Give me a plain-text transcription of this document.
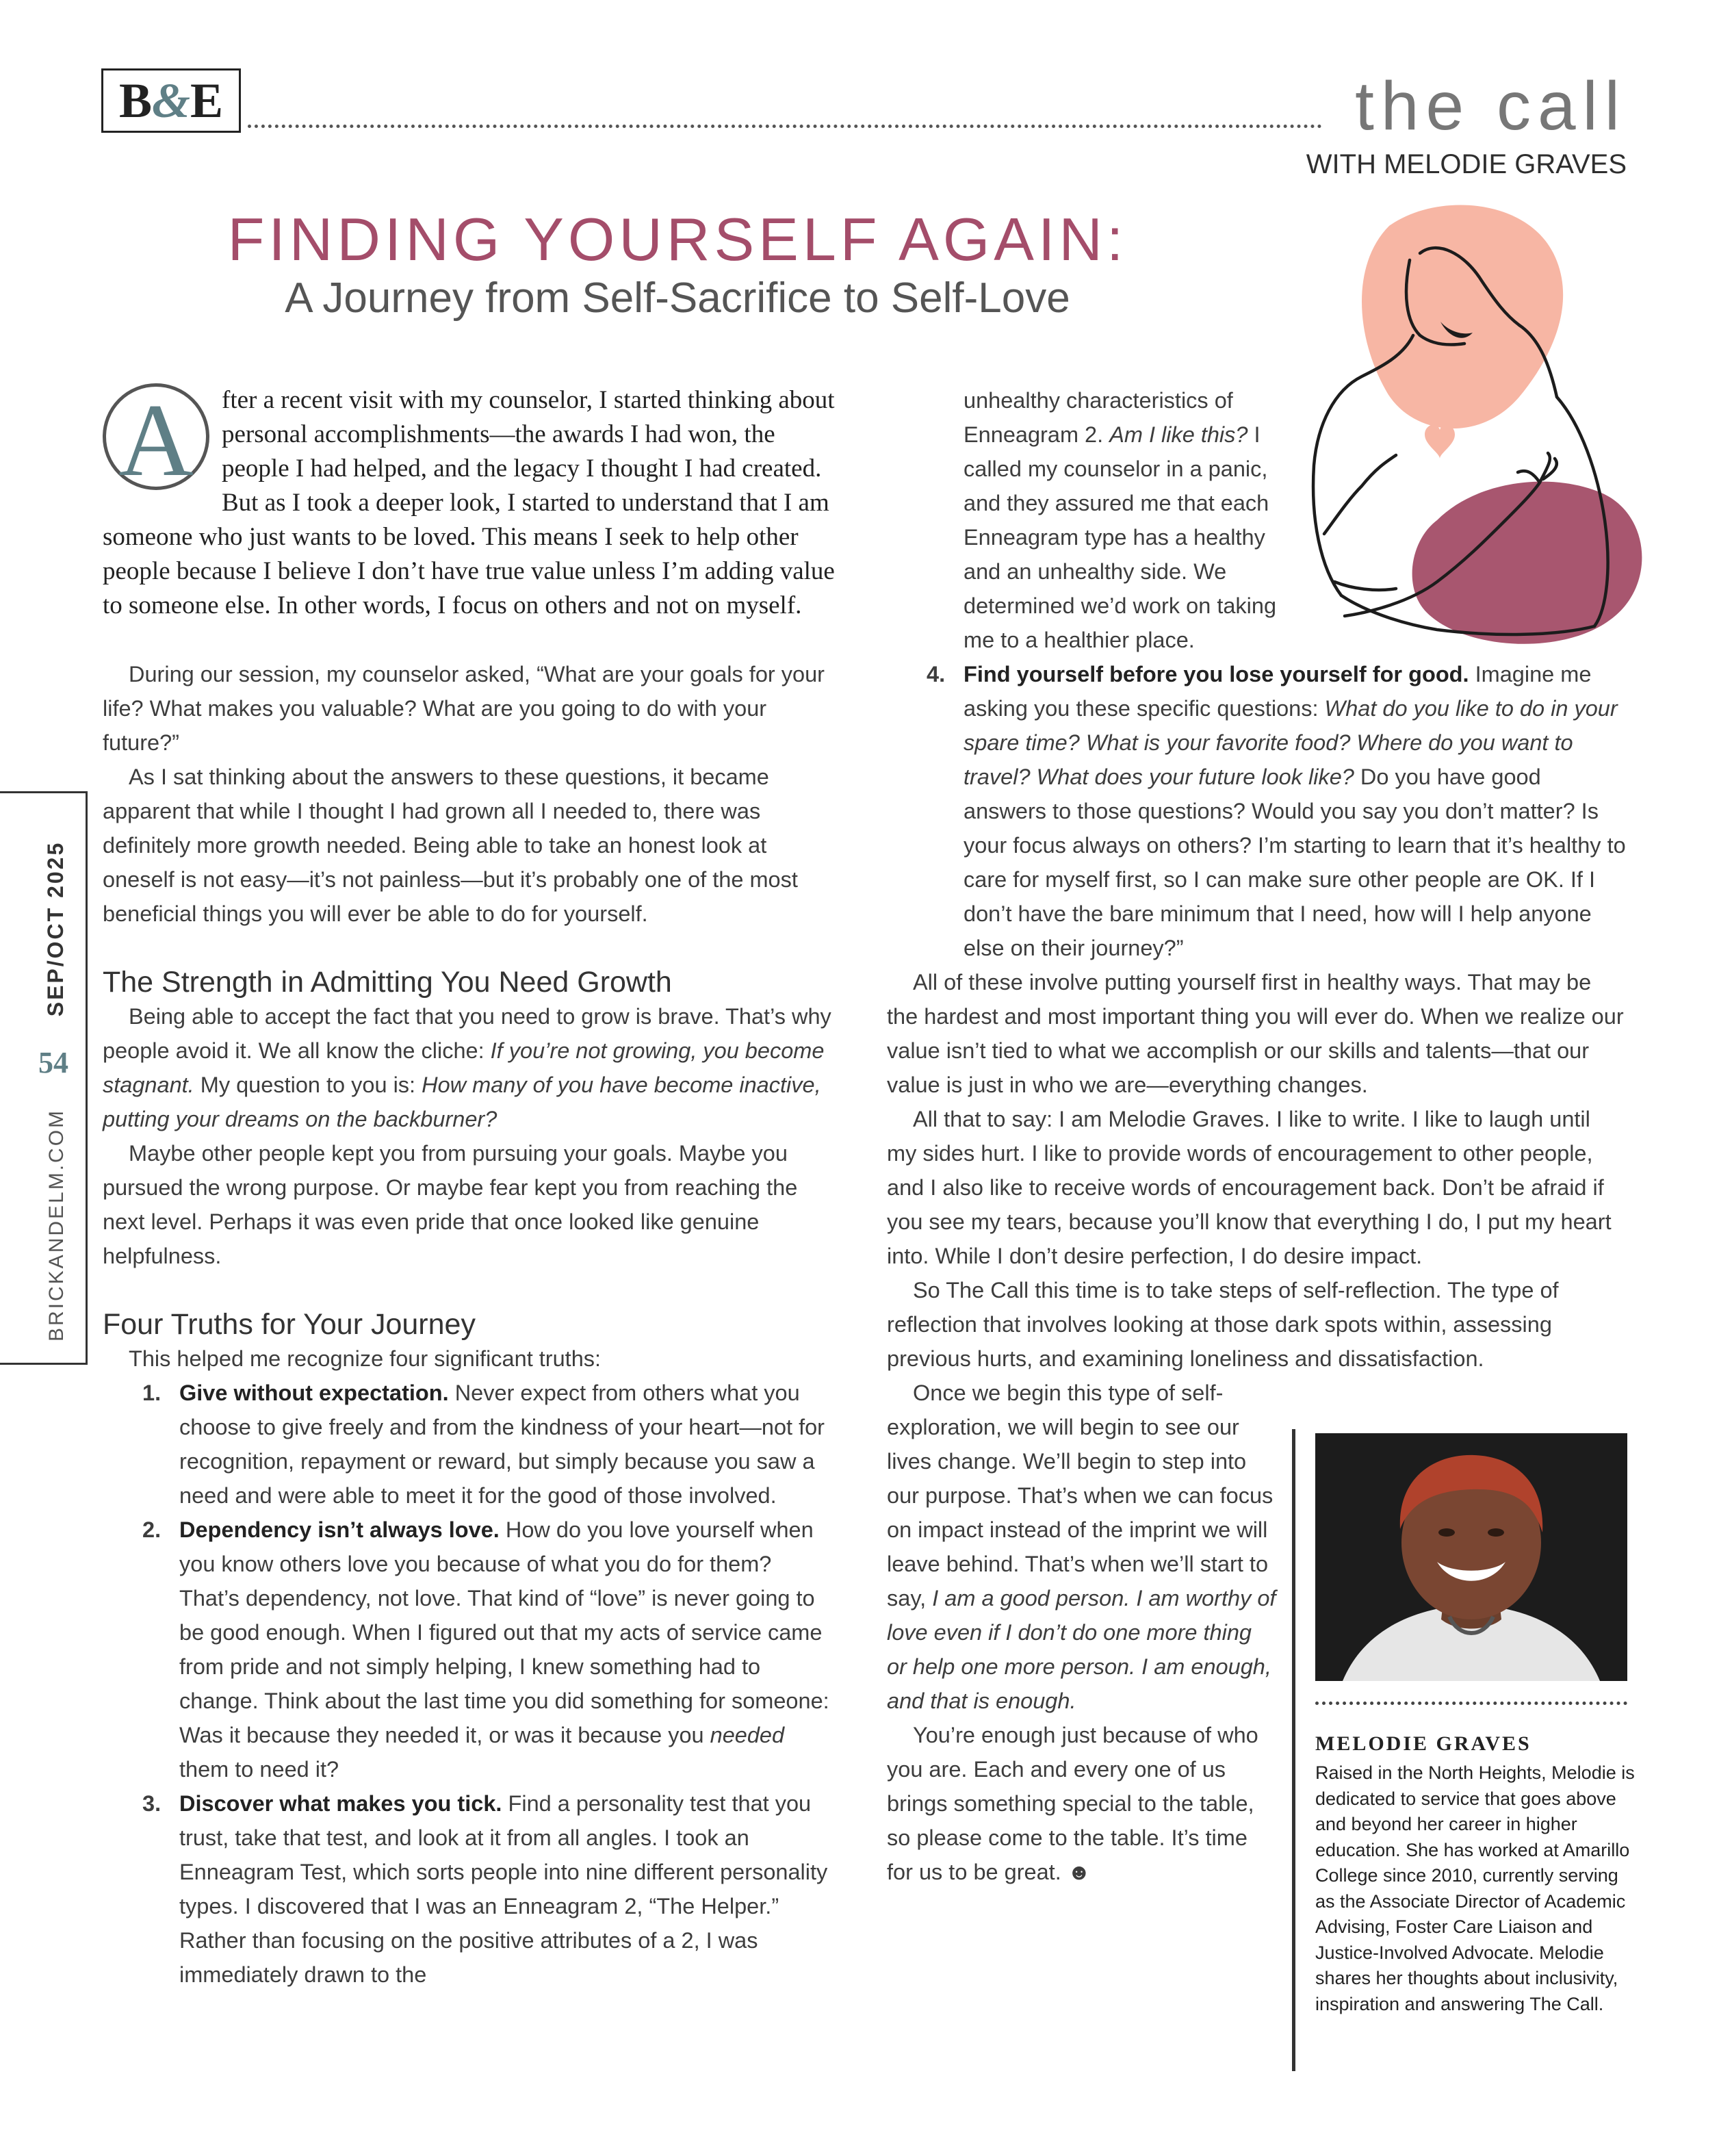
B&E	the call
WITH MELODIE GRAVES
FINDING YOURSELF AGAIN:
A Journey from Self-Sacrifice to Self-Love
BRICKANDELM.COM 54 SEP/OCT 2025
A	fter a recent visit with my counselor, I started thinking about personal accomplishments—the awards I had won, the people I had helped, and the legacy I thought I had created. But as I took a deeper look, I started to understand that I am someone who just wants to be loved. This means I seek to help other people because I believe I don’t have true value unless I’m adding value to someone else. In other words, I focus on others and not on myself.

During our session, my counselor asked, “What are your goals for your life? What makes you valuable? What are you going to do with your future?”

As I sat thinking about the answers to these questions, it became apparent that while I thought I had grown all I needed to, there was definitely more growth needed. Being able to take an honest look at oneself is not easy—it’s not painless—but it’s probably one of the most beneficial things you will ever be able to do for yourself.

The Strength in Admitting You Need Growth

Being able to accept the fact that you need to grow is brave. That’s why people avoid it. We all know the cliche: If you’re not growing, you become stagnant. My question to you is: How many of you have become inactive, putting your dreams on the backburner?

Maybe other people kept you from pursuing your goals. Maybe you pursued the wrong purpose. Or maybe fear kept you from reaching the next level. Perhaps it was even pride that once looked like genuine helpfulness.

Four Truths for Your Journey

This helped me recognize four significant truths:

1. Give without expectation. Never expect from others what you choose to give freely and from the kindness of your heart—not for recognition, repayment or reward, but simply because you saw a need and were able to meet it for the good of those involved.
2. Dependency isn’t always love. How do you love yourself when you know others love you because of what you do for them? That’s dependency, not love. That kind of “love” is never going to be good enough. When I figured out that my acts of service came from pride and not simply helping, I knew something had to change. Think about the last time you did something for someone: Was it because they needed it, or was it because you needed them to need it?
3. Discover what makes you tick. Find a personality test that you trust, take that test, and look at it from all angles. I took an Enneagram Test, which sorts people into nine different personality types. I discovered that I was an Enneagram 2, “The Helper.” Rather than focusing on the positive attributes of a 2, I was immediately drawn to the
unhealthy characteristics of Enneagram 2. Am I like this? I called my counselor in a panic, and they assured me that each Enneagram type has a healthy and an unhealthy side. We determined we’d work on taking me to a healthier place.
4. Find yourself before you lose yourself for good. Imagine me asking you these specific questions: What do you like to do in your spare time? What is your favorite food? Where do you want to travel? What does your future look like? Do you have good answers to those questions? Would you say you don’t matter? Is your focus always on others? I’m starting to learn that it’s healthy to care for myself first, so I can make sure other people are OK. If I don’t have the bare minimum that I need, how will I help anyone else on their journey?”

All of these involve putting yourself first in healthy ways. That may be the hardest and most important thing you will ever do. When we realize our value isn’t tied to what we accomplish or our skills and talents—that our value is just in who we are—everything changes.

All that to say: I am Melodie Graves. I like to write. I like to laugh until my sides hurt. I like to provide words of encouragement to other people, and I also like to receive words of encouragement back. Don’t be afraid if you see my tears, because you’ll know that everything I do, I put my heart into. While I don’t desire perfection, I do desire impact.

So The Call this time is to take steps of self-reflection. The type of reflection that involves looking at those dark spots within, assessing previous hurts, and examining loneliness and dissatisfaction.

Once we begin this type of self-exploration, we will begin to see our lives change. We’ll begin to step into our purpose. That’s when we can focus on impact instead of the imprint we will leave behind. That’s when we’ll start to say, I am a good person. I am worthy of love even if I don’t do one more thing or help one more person. I am enough, and that is enough.

You’re enough just because of who you are. Each and every one of us brings something special to the table, so please come to the table. It’s time for us to be great. ☻

MELODIE GRAVES

Raised in the North Heights, Melodie is dedicated to service that goes above and beyond her career in higher education. She has worked at Amarillo College since 2010, currently serving as the Associate Director of Academic Advising, Foster Care Liaison and Justice-Involved Advocate. Melodie shares her thoughts about inclusivity, inspiration and answering The Call.
